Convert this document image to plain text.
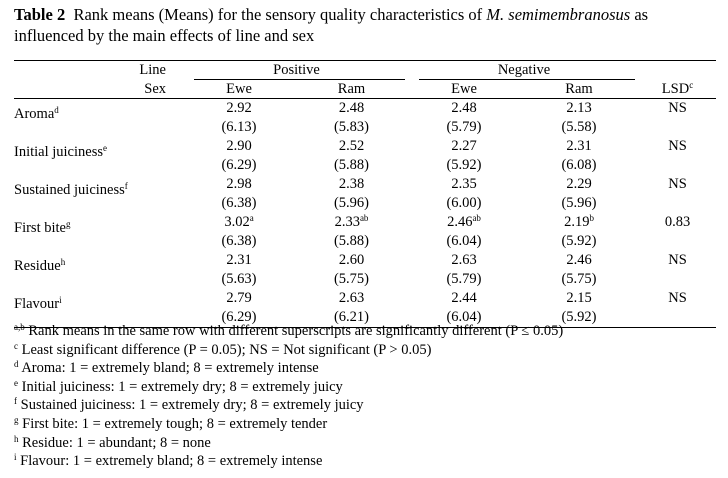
Table 2 Rank means (Means) for the sensory quality characteristics of M. semimembranosus as influenced by the main effects of line and sex
Line	Positive		Negative		

Sex	Ewe	Ram	Ewe	Ram	LSD$^c$
Aroma$^d$	2.92	2.48	2.48	2.13	NS
	(6.13)	(5.83)	(5.79)	(5.58)	
Initial juiciness$^e$	2.90	2.52	2.27	2.31	NS
	(6.29)	(5.88)	(5.92)	(6.08)	
Sustained juiciness$^f$	2.98	2.38	2.35	2.29	NS
	(6.38)	(5.96)	(6.00)	(5.96)	
First bite$^g$	3.02$^a$	2.33$^{ab}$	2.46$^{ab}$	2.19$^b$	0.83
	(6.38)	(5.88)	(6.04)	(5.92)	
Residue$^h$	2.31	2.60	2.63	2.46	NS
	(5.63)	(5.75)	(5.79)	(5.75)	
Flavour$^i$	2.79	2.63	2.44	2.15	NS
	(6.29)	(6.21)	(6.04)	(5.92)	
$^{a,b}$ Rank means in the same row with different superscripts are significantly different (P ≤ 0.05)
$^c$ Least significant difference (P = 0.05); NS = Not significant (P > 0.05)
$^d$ Aroma: 1 = extremely bland; 8 = extremely intense
$^e$ Initial juiciness: 1 = extremely dry; 8 = extremely juicy
$^f$ Sustained juiciness: 1 = extremely dry; 8 = extremely juicy
$^g$ First bite: 1 = extremely tough; 8 = extremely tender
$^h$ Residue: 1 = abundant; 8 = none
$^i$ Flavour: 1 = extremely bland; 8 = extremely intense
